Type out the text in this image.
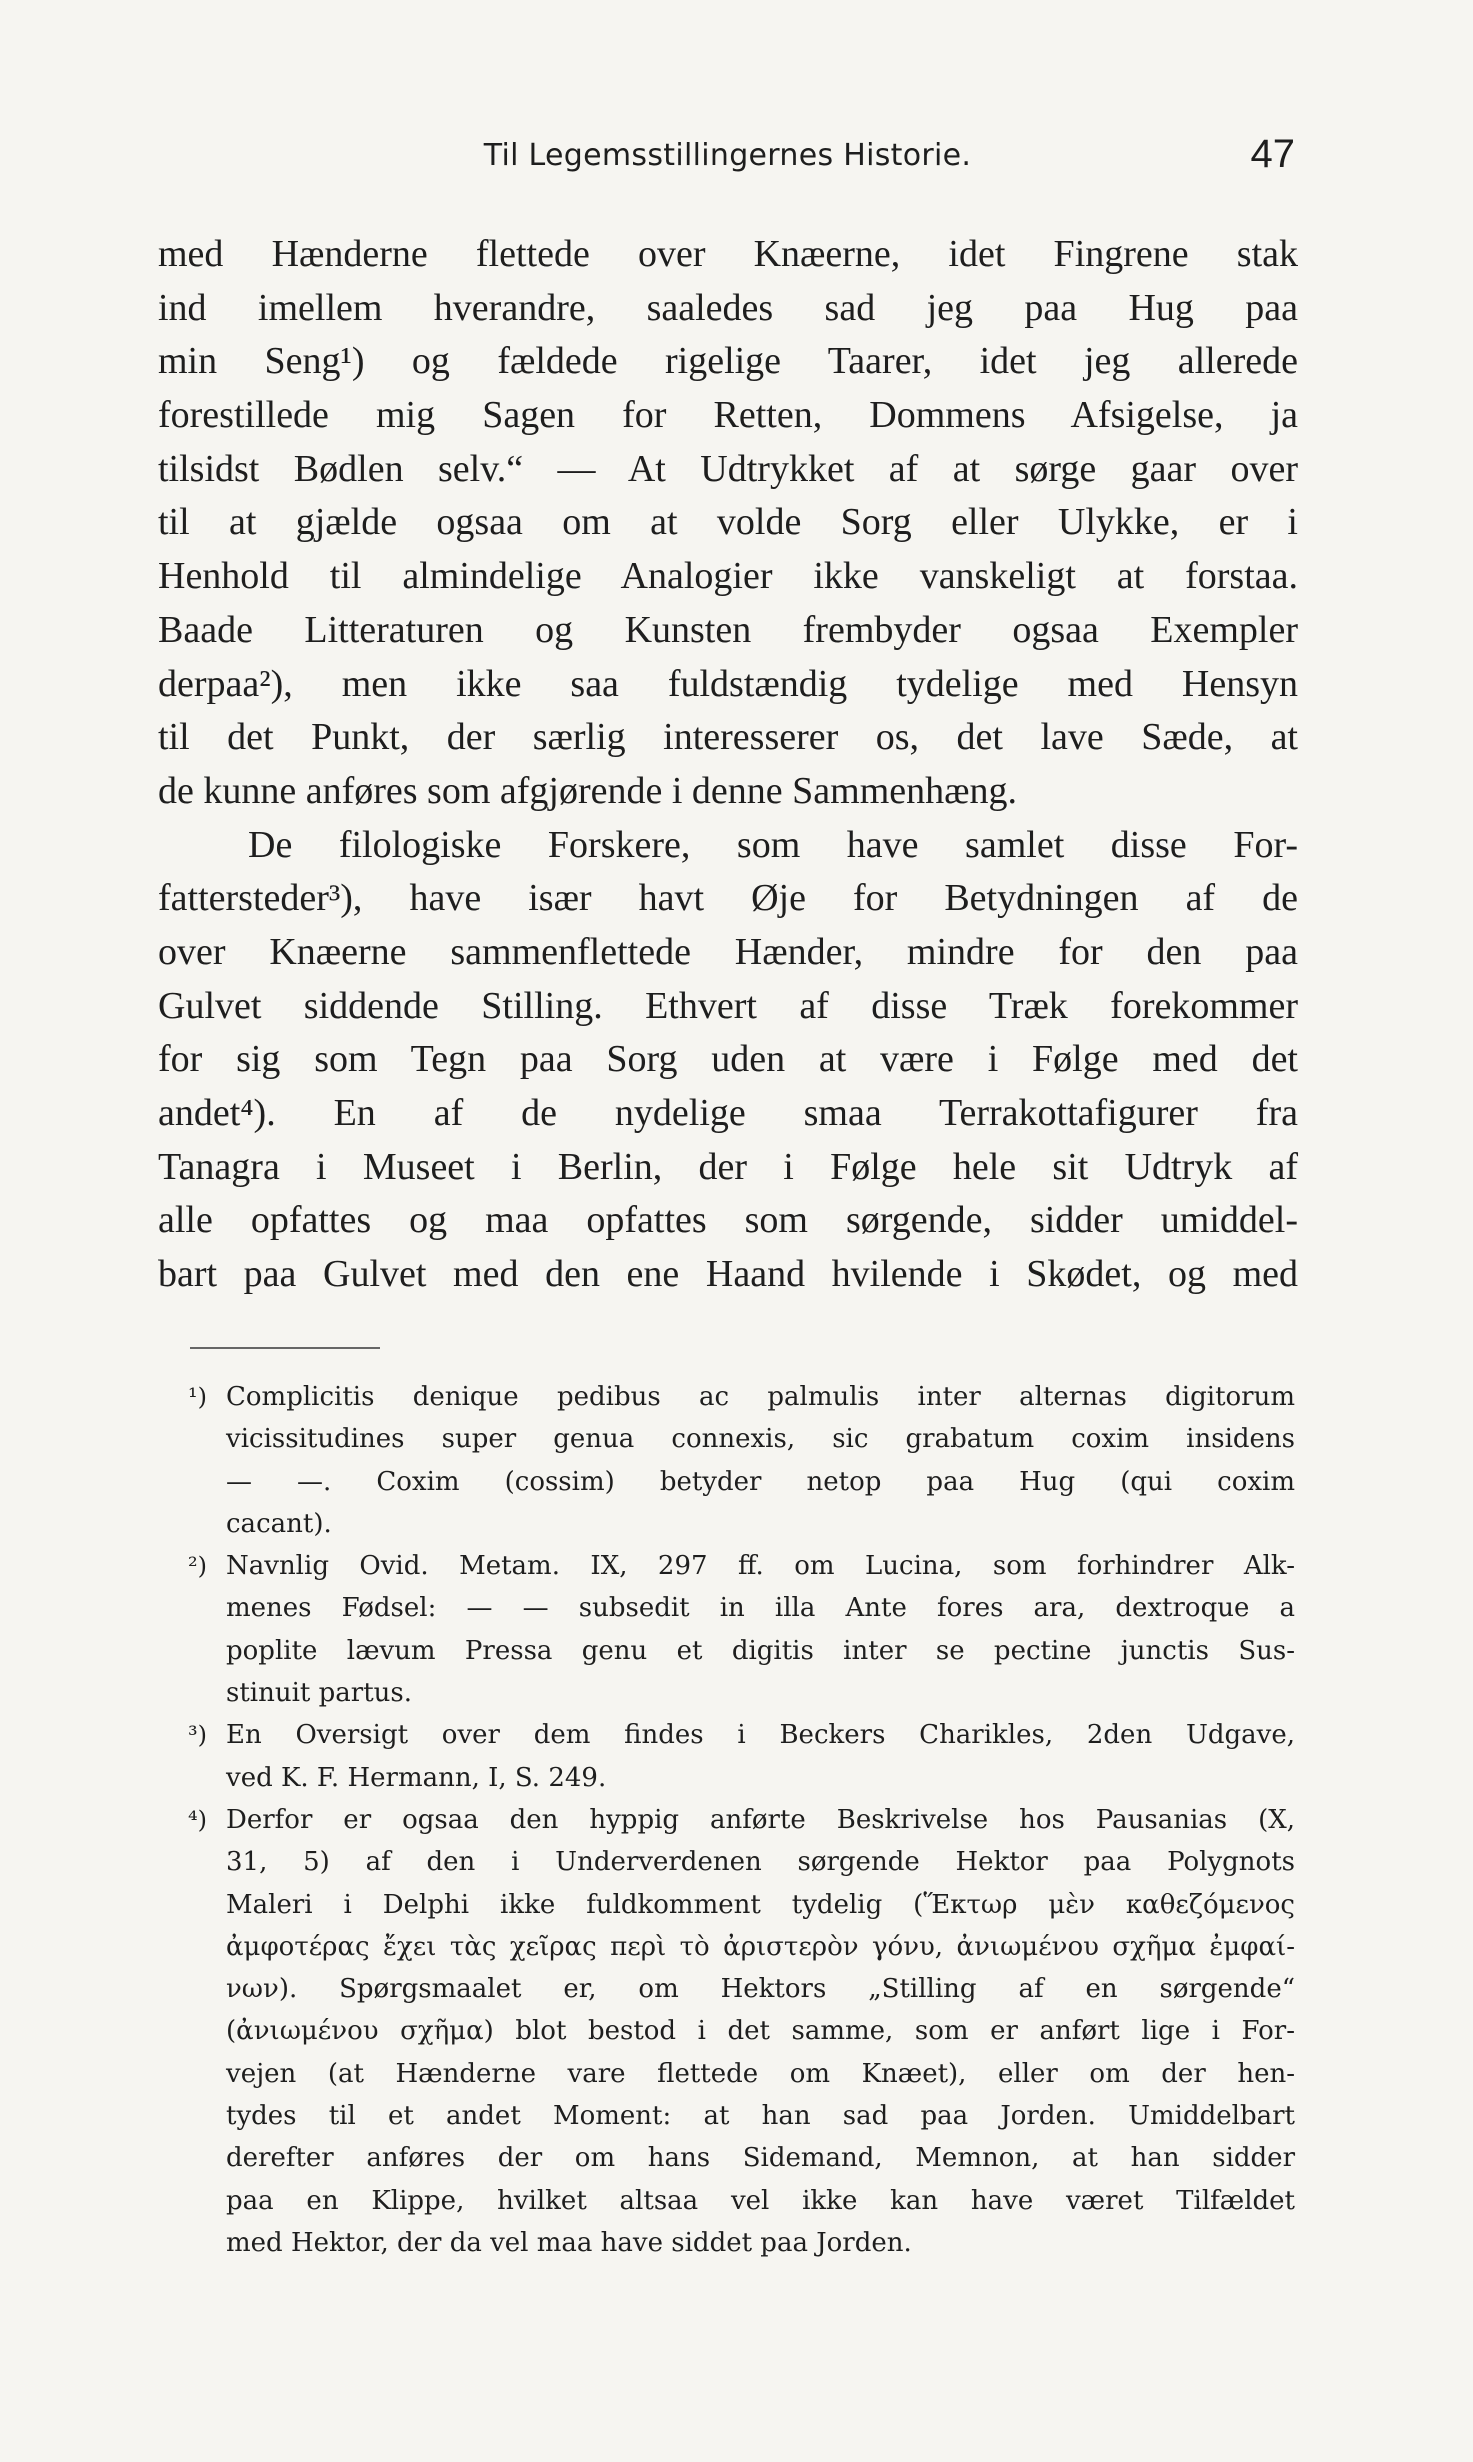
Til Legemsstillingernes Historie.	47
med Hænderne flettede over Knæerne, idet Fingrene stak
ind imellem hverandre, saaledes sad jeg paa Hug paa
min Seng¹) og fældede rigelige Taarer, idet jeg allerede
forestillede mig Sagen for Retten, Dommens Afsigelse, ja
tilsidst Bødlen selv.“ — At Udtrykket af at sørge gaar over
til at gjælde ogsaa om at volde Sorg eller Ulykke, er i
Henhold til almindelige Analogier ikke vanskeligt at forstaa.
Baade Litteraturen og Kunsten frembyder ogsaa Exempler
derpaa²), men ikke saa fuldstændig tydelige med Hensyn
til det Punkt, der særlig interesserer os, det lave Sæde, at
de kunne anføres som afgjørende i denne Sammenhæng.
De filologiske Forskere, som have samlet disse For-
fattersteder³), have især havt Øje for Betydningen af de
over Knæerne sammenflettede Hænder, mindre for den paa
Gulvet siddende Stilling. Ethvert af disse Træk forekommer
for sig som Tegn paa Sorg uden at være i Følge med det
andet⁴). En af de nydelige smaa Terrakottafigurer fra
Tanagra i Museet i Berlin, der i Følge hele sit Udtryk af
alle opfattes og maa opfattes som sørgende, sidder umiddel-
bart paa Gulvet med den ene Haand hvilende i Skødet, og med
¹) Complicitis denique pedibus ac palmulis inter alternas digitorum
vicissitudines super genua connexis, sic grabatum coxim insidens
— —. Coxim (cossim) betyder netop paa Hug (qui coxim
cacant).
²) Navnlig Ovid. Metam. IX, 297 ff. om Lucina, som forhindrer Alk-
menes Fødsel: — — subsedit in illa Ante fores ara, dextroque a
poplite lævum Pressa genu et digitis inter se pectine junctis Sus-
stinuit partus.
³) En Oversigt over dem findes i Beckers Charikles, 2den Udgave,
ved K. F. Hermann, I, S. 249.
⁴) Derfor er ogsaa den hyppig anførte Beskrivelse hos Pausanias (X,
31, 5) af den i Underverdenen sørgende Hektor paa Polygnots
Maleri i Delphi ikke fuldkomment tydelig (Ἕκτωρ μὲν καθεζόμενος
ἀμφοτέρας ἔχει τὰς χεῖρας περὶ τὸ ἀριστερὸν γόνυ, ἀνιωμένου σχῆμα ἐμφαί-
νων). Spørgsmaalet er, om Hektors „Stilling af en sørgende“
(ἀνιωμένου σχῆμα) blot bestod i det samme, som er anført lige i For-
vejen (at Hænderne vare flettede om Knæet), eller om der hen-
tydes til et andet Moment: at han sad paa Jorden. Umiddelbart
derefter anføres der om hans Sidemand, Memnon, at han sidder
paa en Klippe, hvilket altsaa vel ikke kan have været Tilfældet
med Hektor, der da vel maa have siddet paa Jorden.
